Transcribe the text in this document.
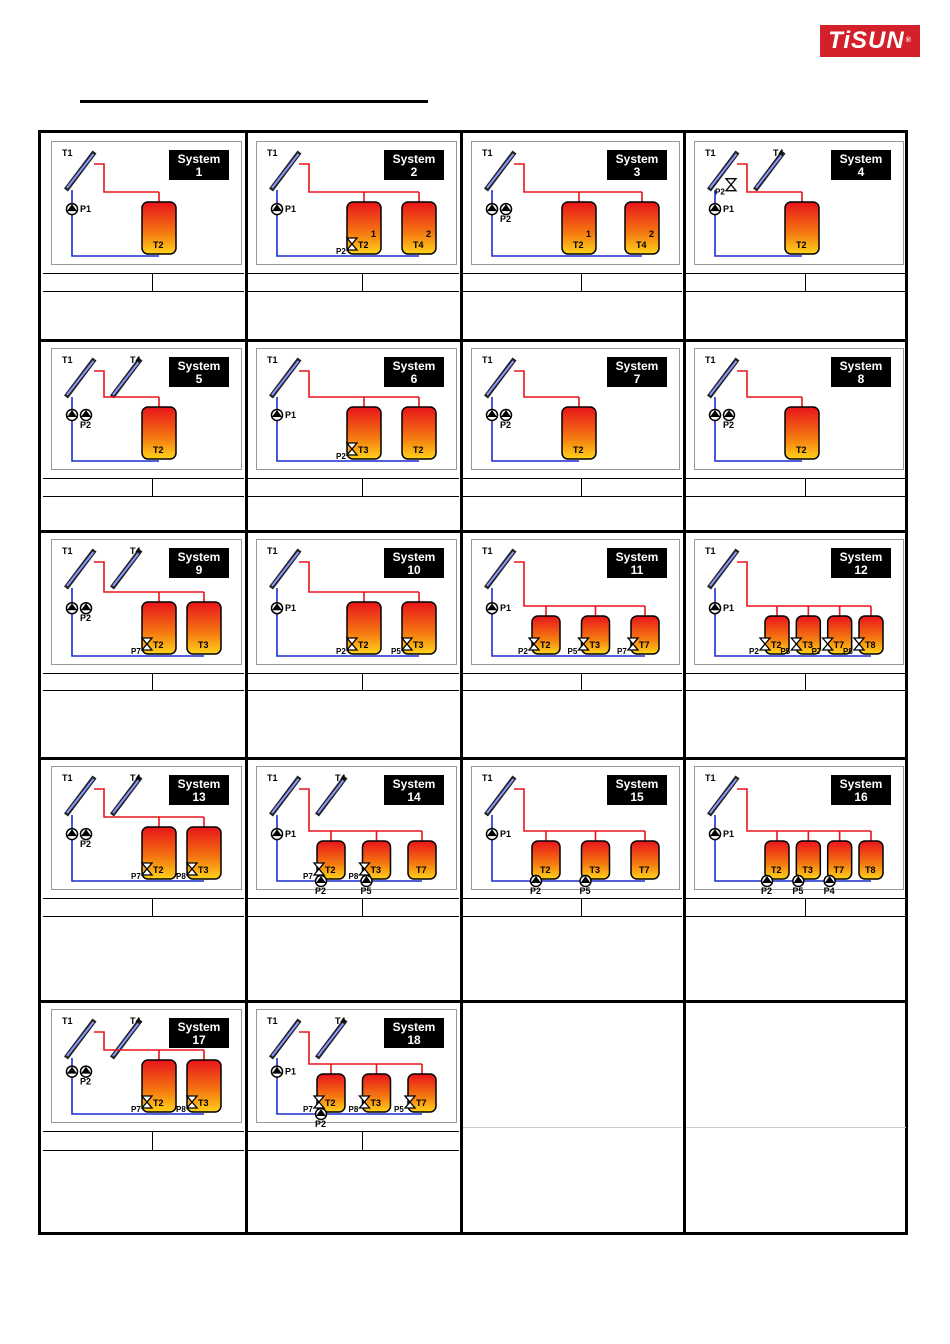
TiSUN®
T1	System
1
T2
P1
T1	System
2
T2
1
T4
2
P1
P2
T1	System
3
T2
1
T4
2
P2
T1	T4	System
4
T2
P1
P2
T1	T4	System
5
T2
P2
T1	System
6
T3	T2
P1
P2
T1	System
7
T2
P2
T1	System
8
T2
P2
T1	T4	System
9
T2	T3
P2
P7
T1	System
10
T2	T3
P1
P2	P5
T1	System
11
T2	T3	T7
P1
P2	P5	P7
T1	System
12
T2 T3 T7 T8
P1
P2	P5	P7	P8
T1	T4	System
13
T2	T3
P2
P7	P8
T1	T4	System
14
T2	T3	T7
P1
P2	P5
P7	P8
T1	System
15
T2	T3	T7
P1
P2	P5
T1	System
16
T2 T3 T7 T8
P1
P2 P5 P4
T1	T4	System
17
T2	T3
P2
P7	P8
T1	T4	System
18
T2	T3	T7
P1
P2
P7	P8	P5
